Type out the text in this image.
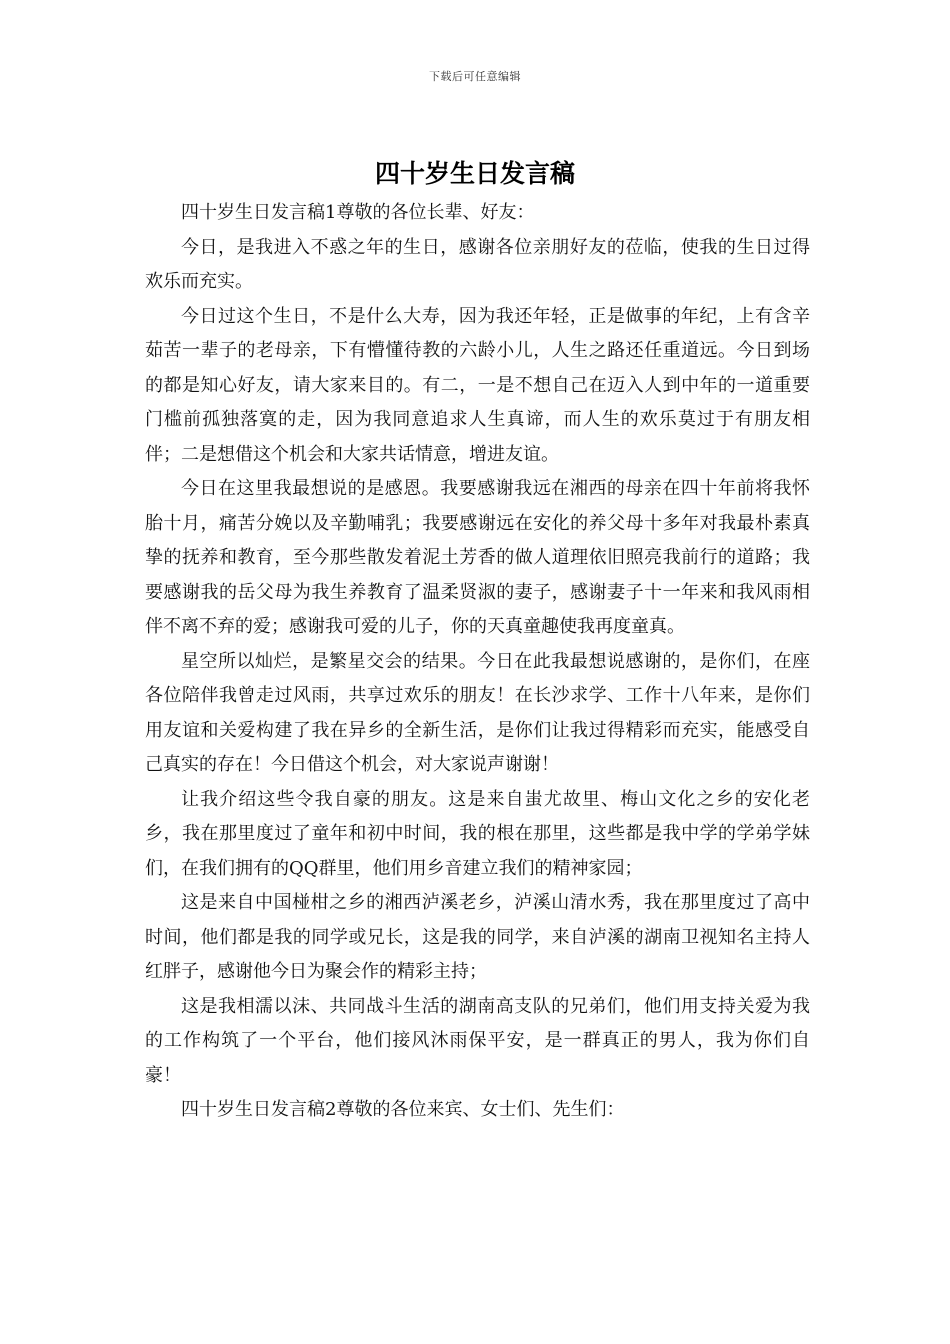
下载后可任意编辑
四十岁生日发言稿

四十岁生日发言稿1尊敬的各位长辈、好友：

今日，是我进入不惑之年的生日，感谢各位亲朋好友的莅临，使我的生日过得欢乐而充实。

今日过这个生日，不是什么大寿，因为我还年轻，正是做事的年纪，上有含辛茹苦一辈子的老母亲，下有懵懂待教的六龄小儿，人生之路还任重道远。今日到场的都是知心好友，请大家来目的。有二，一是不想自己在迈入人到中年的一道重要门槛前孤独落寞的走，因为我同意追求人生真谛，而人生的欢乐莫过于有朋友相伴；二是想借这个机会和大家共话情意，增进友谊。

今日在这里我最想说的是感恩。我要感谢我远在湘西的母亲在四十年前将我怀胎十月，痛苦分娩以及辛勤哺乳；我要感谢远在安化的养父母十多年对我最朴素真挚的抚养和教育，至今那些散发着泥土芳香的做人道理依旧照亮我前行的道路；我要感谢我的岳父母为我生养教育了温柔贤淑的妻子，感谢妻子十一年来和我风雨相伴不离不弃的爱；感谢我可爱的儿子，你的天真童趣使我再度童真。

星空所以灿烂，是繁星交会的结果。今日在此我最想说感谢的，是你们，在座各位陪伴我曾走过风雨，共享过欢乐的朋友！在长沙求学、工作十八年来，是你们用友谊和关爱构建了我在异乡的全新生活，是你们让我过得精彩而充实，能感受自己真实的存在！今日借这个机会，对大家说声谢谢！

让我介绍这些令我自豪的朋友。这是来自蚩尤故里、梅山文化之乡的安化老乡，我在那里度过了童年和初中时间，我的根在那里，这些都是我中学的学弟学妹们，在我们拥有的QQ群里，他们用乡音建立我们的精神家园；

这是来自中国椪柑之乡的湘西泸溪老乡，泸溪山清水秀，我在那里度过了高中时间，他们都是我的同学或兄长，这是我的同学，来自泸溪的湖南卫视知名主持人红胖子，感谢他今日为聚会作的精彩主持；

这是我相濡以沫、共同战斗生活的湖南高支队的兄弟们，他们用支持关爱为我的工作构筑了一个平台，他们接风沐雨保平安，是一群真正的男人，我为你们自豪！

四十岁生日发言稿2尊敬的各位来宾、女士们、先生们：
